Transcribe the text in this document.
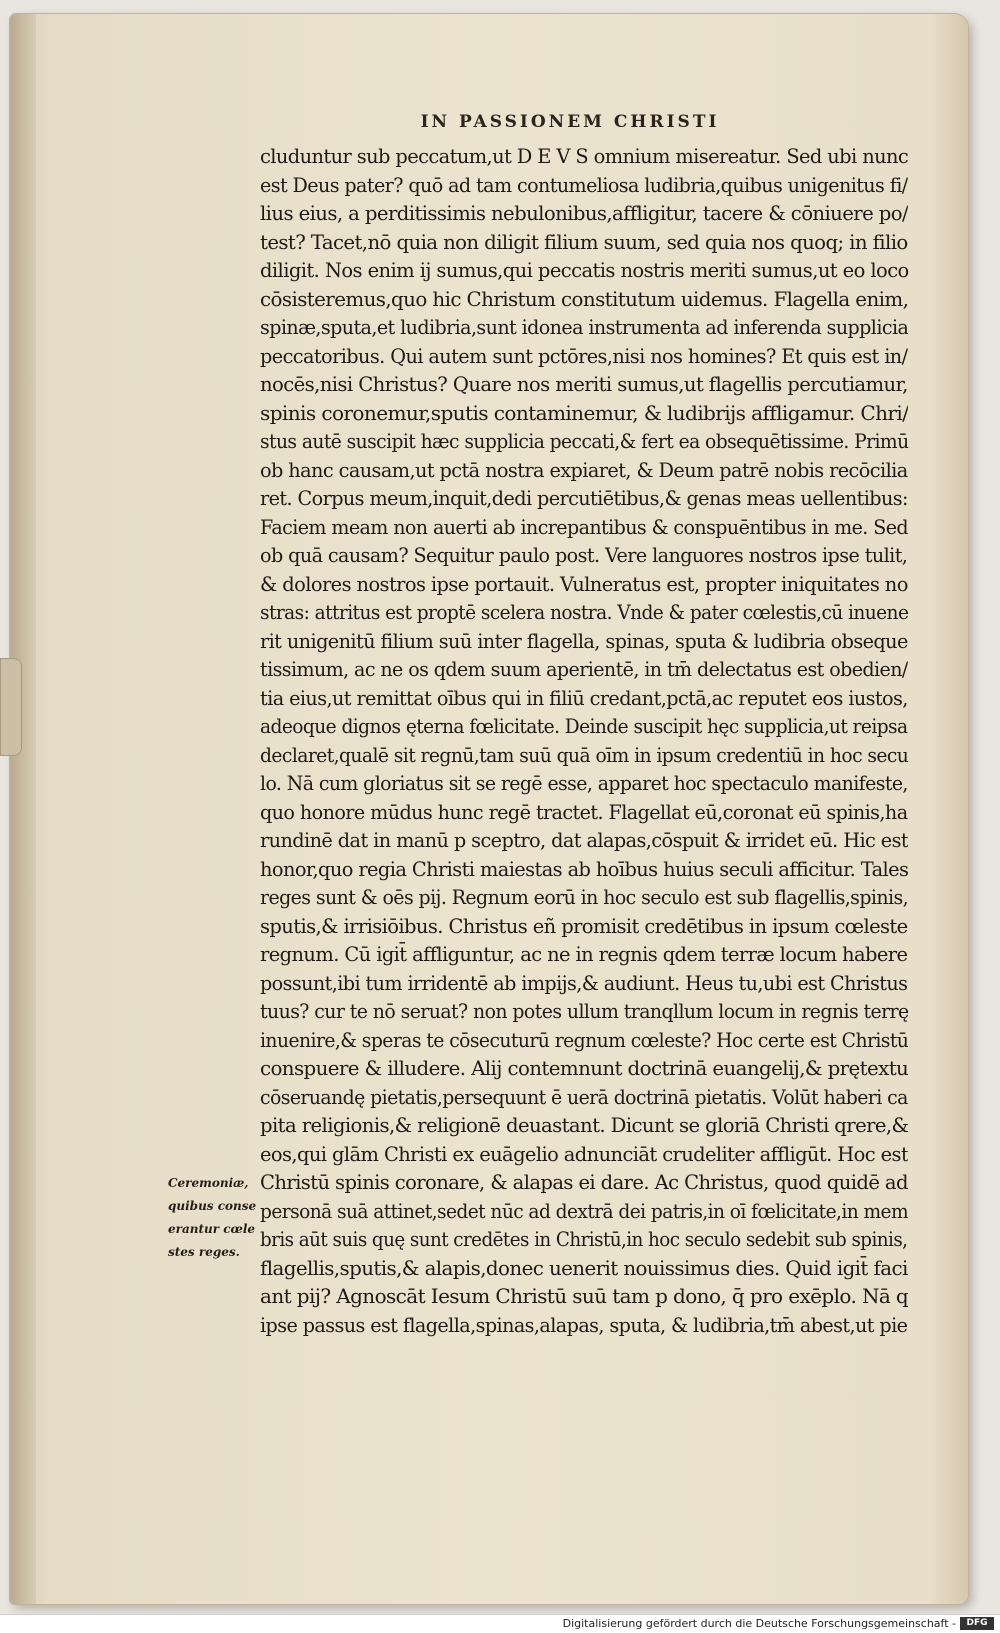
IN PASSIONEM CHRISTI
cluduntur sub peccatum,ut D E V S omnium misereatur. Sed ubi nunc
est Deus pater? quō ad tam contumeliosa ludibria,quibus unigenitus fi/
lius eius, a perditissimis nebulonibus,affligitur, tacere & cōniuere po/
test? Tacet,nō quia non diligit filium suum, sed quia nos quoq; in filio
diligit. Nos enim ij sumus,qui peccatis nostris meriti sumus,ut eo loco
cōsisteremus,quo hic Christum constitutum uidemus. Flagella enim,
spinæ,sputa,et ludibria,sunt idonea instrumenta ad inferenda supplicia
peccatoribus. Qui autem sunt pctōres,nisi nos homines? Et quis est in/
nocēs,nisi Christus? Quare nos meriti sumus,ut flagellis percutiamur,
spinis coronemur,sputis contaminemur, & ludibrijs affligamur. Chri/
stus autē suscipit hæc supplicia peccati,& fert ea obsequētissime. Primū
ob hanc causam,ut pctā nostra expiaret, & Deum patrē nobis recōcilia
ret. Corpus meum,inquit,dedi percutiētibus,& genas meas uellentibus:
Faciem meam non auerti ab increpantibus & conspuēntibus in me. Sed
ob quā causam? Sequitur paulo post. Vere languores nostros ipse tulit,
& dolores nostros ipse portauit. Vulneratus est, propter iniquitates no
stras: attritus est proptē scelera nostra. Vnde & pater cœlestis,cū inuene
rit unigenitū filium suū inter flagella, spinas, sputa & ludibria obseque
tissimum, ac ne os qdem suum aperientē, in tm̄ delectatus est obedien/
tia eius,ut remittat oībus qui in filiū credant,pctā,ac reputet eos iustos,
adeoque dignos ęterna fœlicitate. Deinde suscipit hęc supplicia,ut reipsa
declaret,qualē sit regnū,tam suū quā oīm in ipsum credentiū in hoc secu
lo. Nā cum gloriatus sit se regē esse, apparet hoc spectaculo manifeste,
quo honore mūdus hunc regē tractet. Flagellat eū,coronat eū spinis,ha
rundinē dat in manū p sceptro, dat alapas,cōspuit & irridet eū. Hic est
honor,quo regia Christi maiestas ab hoībus huius seculi afficitur. Tales
reges sunt & oēs pij. Regnum eorū in hoc seculo est sub flagellis,spinis,
sputis,& irrisiōibus. Christus eñ promisit credētibus in ipsum cœleste
regnum. Cū igit̄ affliguntur, ac ne in regnis qdem terræ locum habere
possunt,ibi tum irridentē ab impijs,& audiunt. Heus tu,ubi est Christus
tuus? cur te nō seruat? non potes ullum tranqllum locum in regnis terrę
inuenire,& speras te cōsecuturū regnum cœleste? Hoc certe est Christū
conspuere & illudere. Alij contemnunt doctrinā euangelij,& prętextu
cōseruandę pietatis,persequunt ē uerā doctrinā pietatis. Volūt haberi ca
pita religionis,& religionē deuastant. Dicunt se gloriā Christi qrere,&
eos,qui glām Christi ex euāgelio adnunciāt crudeliter affligūt. Hoc est
Christū spinis coronare, & alapas ei dare. Ac Christus, quod quidē ad
personā suā attinet,sedet nūc ad dextrā dei patris,in oī fœlicitate,in mem
bris aūt suis quę sunt credētes in Christū,in hoc seculo sedebit sub spinis,
flagellis,sputis,& alapis,donec uenerit nouissimus dies. Quid igit̄ faci
ant pij? Agnoscāt Iesum Christū suū tam p dono, q̄ pro exēplo. Nā q
ipse passus est flagella,spinas,alapas, sputa, & ludibria,tm̄ abest,ut pie
Ceremoniæ,
quibus conse
erantur cœle
stes reges.
Digitalisierung gefördert durch die Deutsche Forschungsgemeinschaft -	DFG
